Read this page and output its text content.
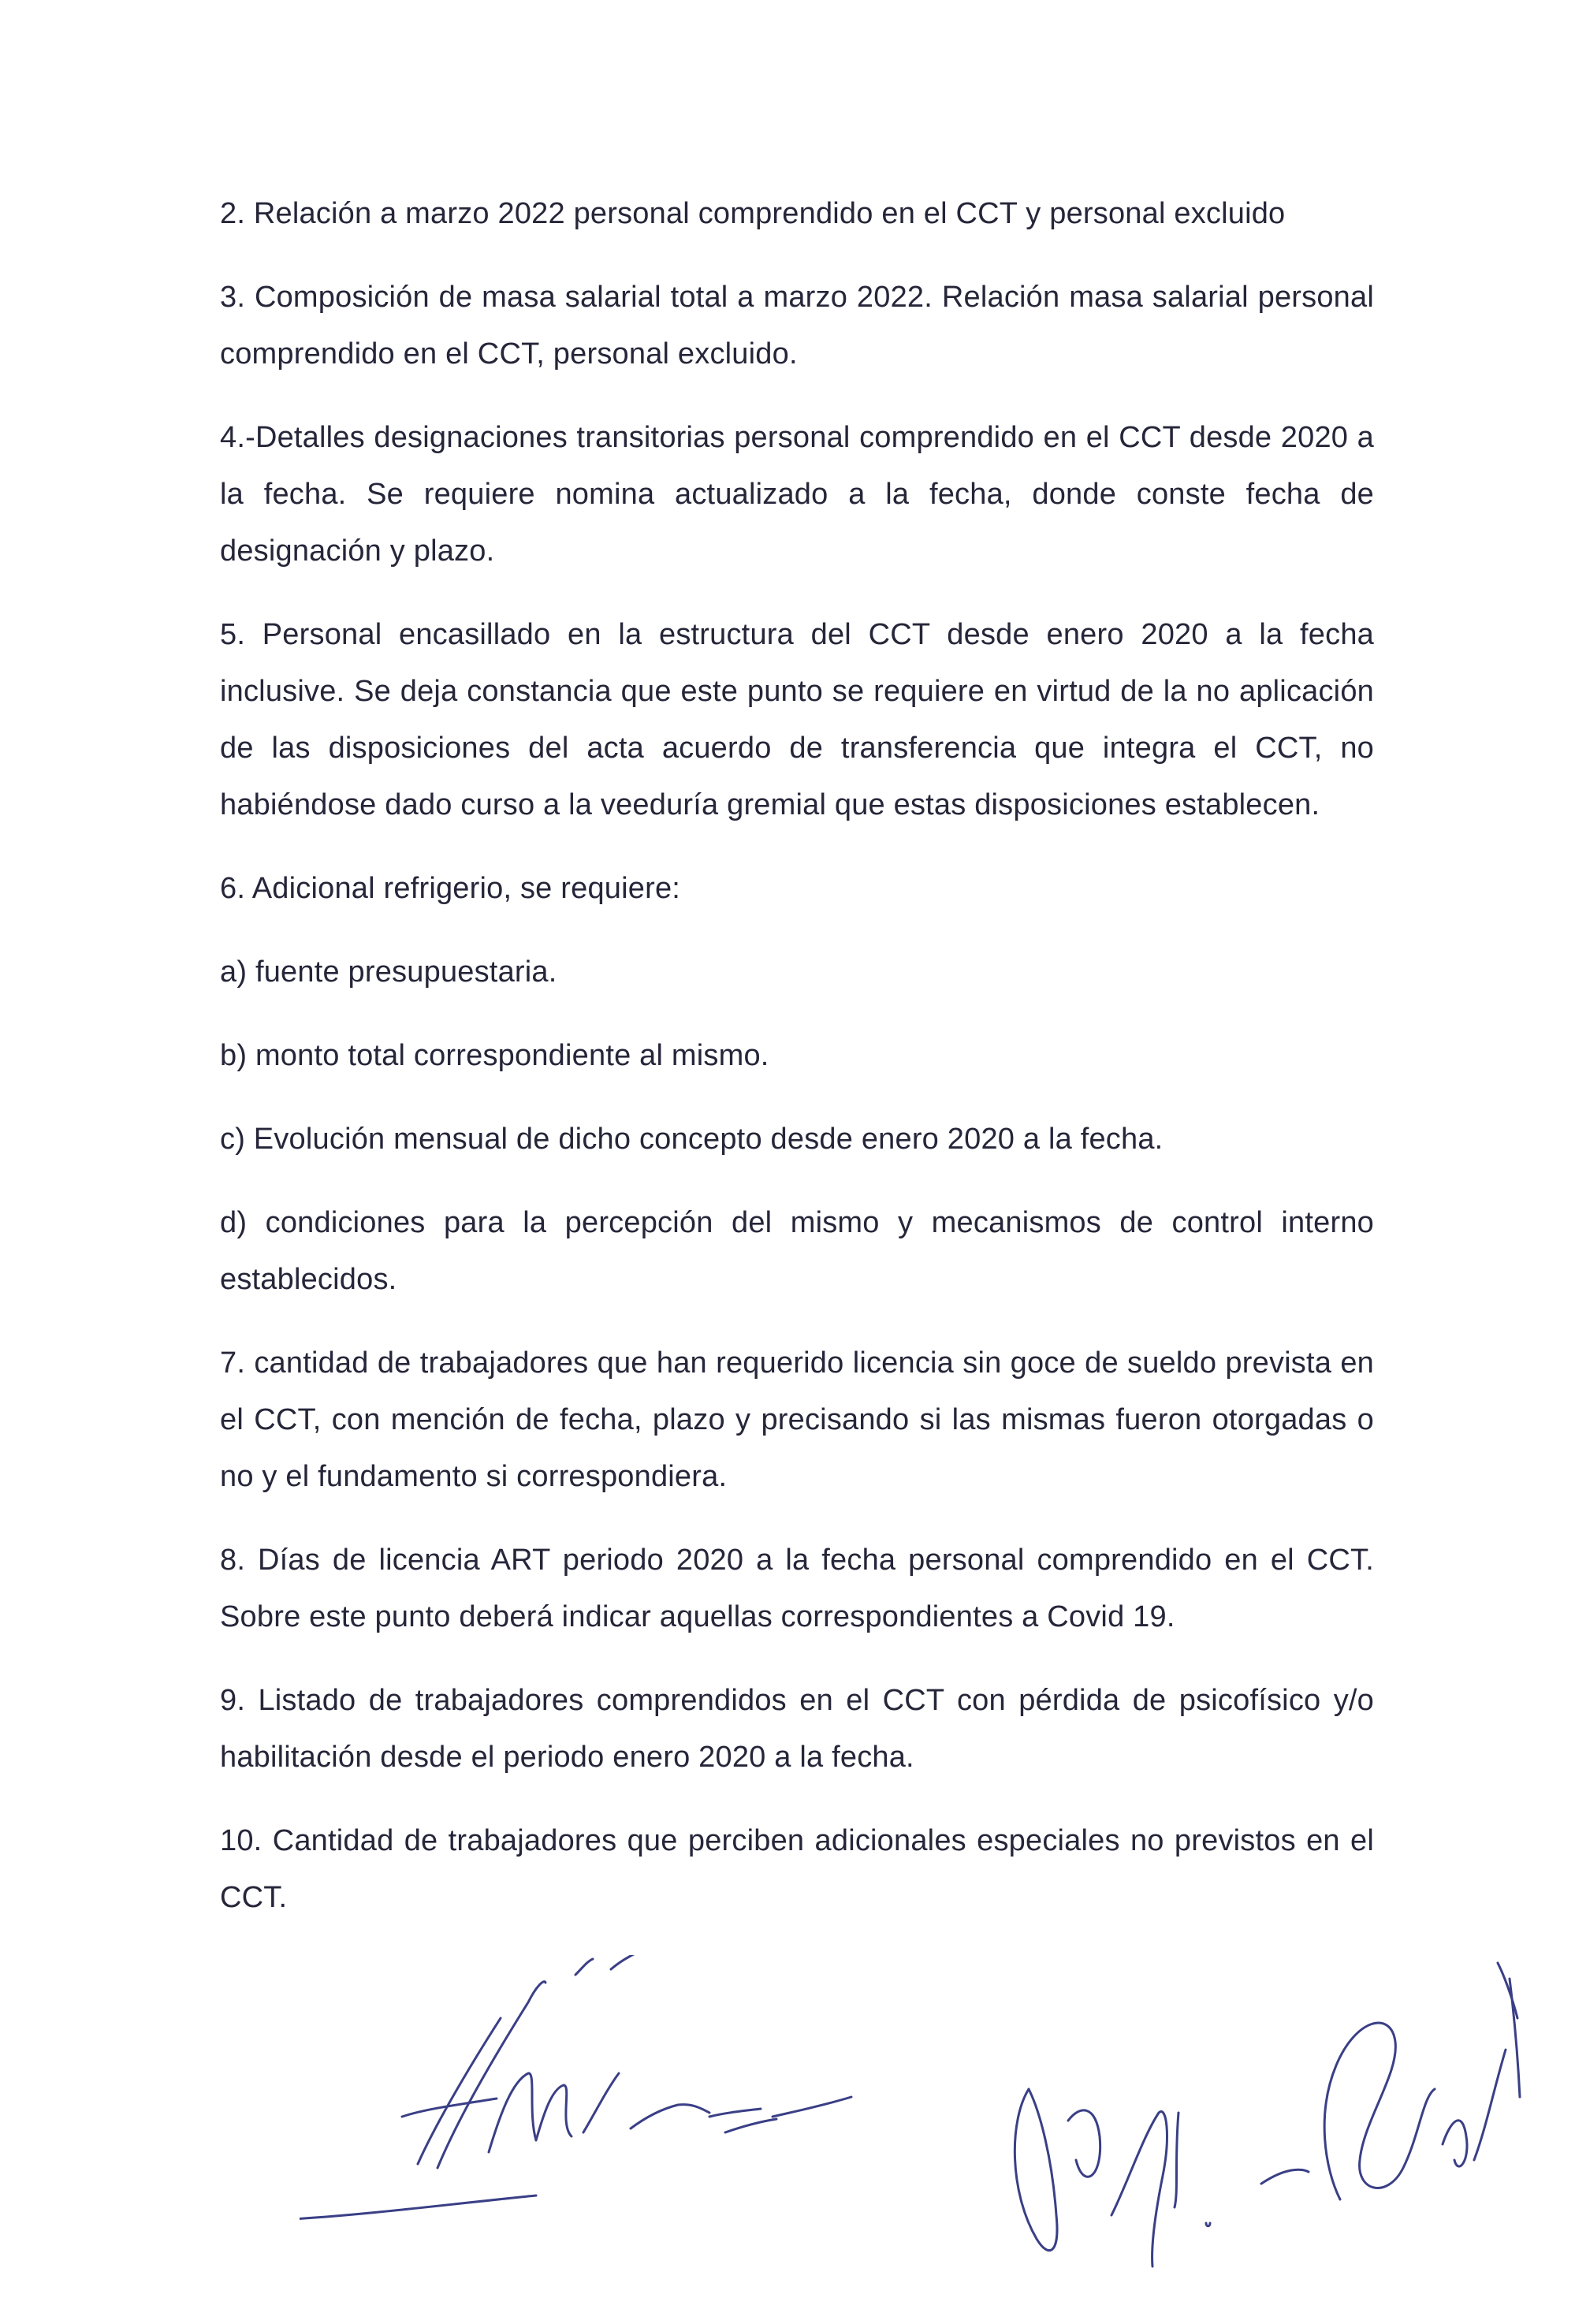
2. Relación a marzo 2022 personal comprendido en el CCT y personal excluido

3. Composición de masa salarial total a marzo 2022. Relación masa salarial personal comprendido en el CCT, personal excluido.

4.-Detalles designaciones transitorias personal comprendido en el CCT desde 2020 a la fecha. Se requiere nomina actualizado a la fecha, donde conste fecha de designación y plazo.

5. Personal encasillado en la estructura del CCT desde enero 2020 a la fecha inclusive. Se deja constancia que este punto se requiere en virtud de la no aplicación de las disposiciones del acta acuerdo de transferencia que integra el CCT, no habiéndose dado curso a la veeduría gremial que estas disposiciones establecen.

6. Adicional refrigerio, se requiere:

a) fuente presupuestaria.

b) monto total correspondiente al mismo.

c) Evolución mensual de dicho concepto desde enero 2020 a la fecha.

d) condiciones para la percepción del mismo y mecanismos de control interno establecidos.

7. cantidad de trabajadores que han requerido licencia sin goce de sueldo prevista en el CCT, con mención de fecha, plazo y precisando si las mismas fueron otorgadas o no y el fundamento si correspondiera.

8. Días de licencia ART periodo 2020 a la fecha personal comprendido en el CCT. Sobre este punto deberá indicar aquellas correspondientes a Covid 19.

9. Listado de trabajadores comprendidos en el CCT con pérdida de psicofísico y/o habilitación desde el periodo enero 2020 a la fecha.

10. Cantidad de trabajadores que perciben adicionales especiales no previstos en el CCT.
